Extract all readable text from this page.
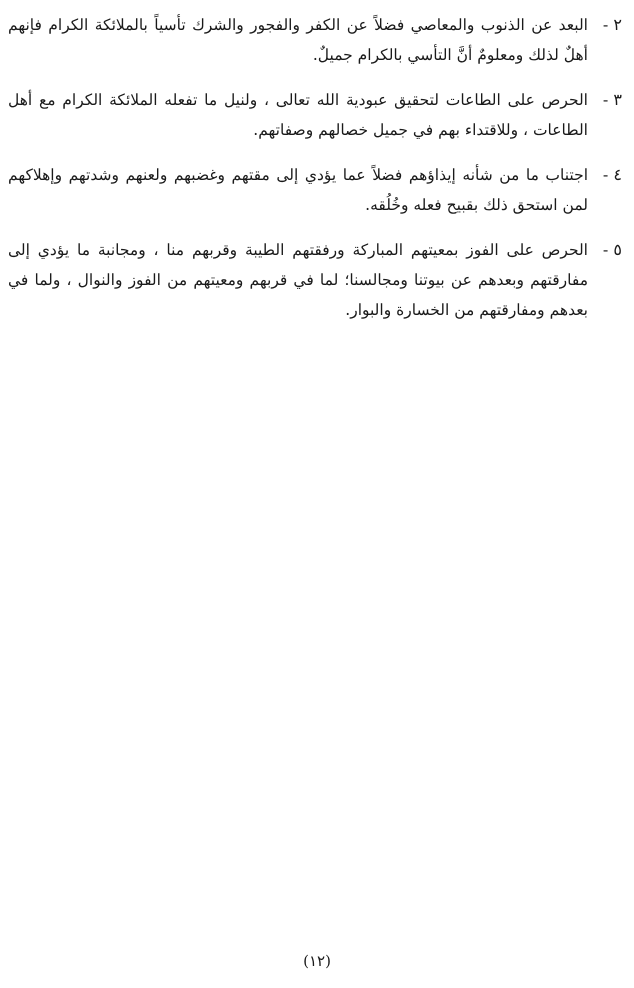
٢ -

البعد عن الذنوب والمعاصي فضلاً عن الكفر والفجور والشرك تأسياً بالملائكة الكرام فإنهم أهلٌ لذلك ومعلومٌ أنَّ التأسي بالكرام جميلٌ.

٣ -

الحرص على الطاعات لتحقيق عبودية الله تعالى ، ولنيل ما تفعله الملائكة الكرام مع أهل الطاعات ، وللاقتداء بهم في جميل خصالهم وصفاتهم.

٤ -

اجتناب ما من شأنه إيذاؤهم فضلاً عما يؤدي إلى مقتهم وغضبهم ولعنهم وشدتهم وإهلاكهم لمن استحق ذلك بقبيح فعله وخُلُقه.

٥ -

الحرص على الفوز بمعيتهم المباركة ورفقتهم الطيبة وقربهم منا ، ومجانبة ما يؤدي إلى مفارقتهم وبعدهم عن بيوتنا ومجالسنا؛ لما في قربهم ومعيتهم من الفوز والنوال ، ولما في بعدهم ومفارقتهم من الخسارة والبوار.

(١٢)
